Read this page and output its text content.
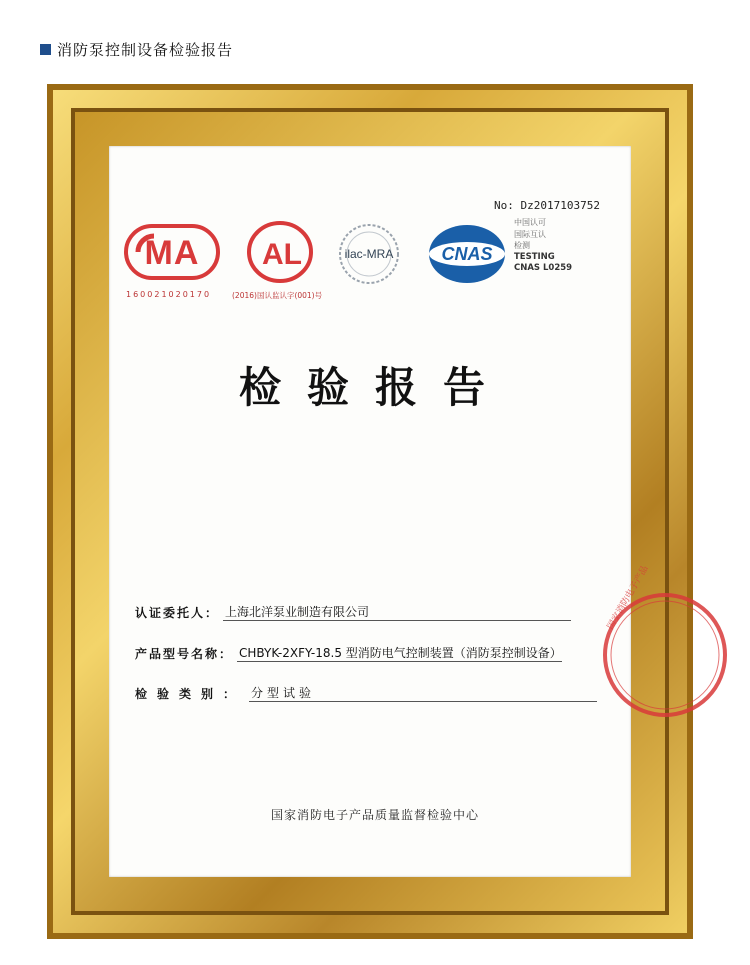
消防泵控制设备检验报告
No: Dz2017103752
MA
160021020170
AL
(2016)国认监认字(001)号
ilac-MRA	CNAS
中国认可
国际互认
检测
TESTING
CNAS L0259
检验报告
认证委托人： 上海北洋泵业制造有限公司
产品型号名称： CHBYK-2XFY-18.5 型消防电气控制装置（消防泵控制设备）
检验类别： 分型试验
国家消防电子产品质量监督检验中心
国家消防电子产品
